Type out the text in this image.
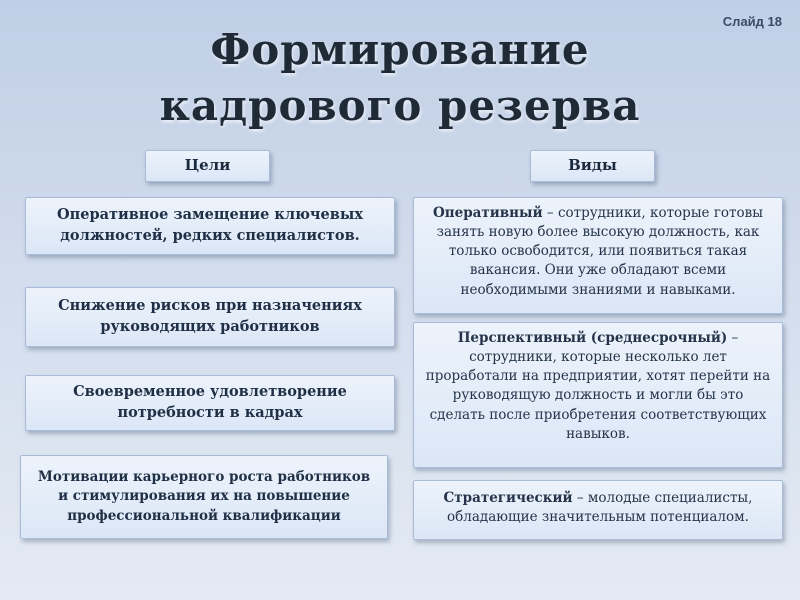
Слайд 18
Формирование кадрового резерва
Цели	Виды
Оперативное замещение ключевых должностей, редких специалистов.
Снижение рисков при назначениях руководящих работников
Своевременное удовлетворение потребности в кадрах
Мотивации карьерного роста работников и стимулирования их на повышение профессиональной квалификации
Оперативный – сотрудники, которые готовы занять новую более высокую должность, как только освободится, или появиться такая вакансия. Они уже обладают всеми необходимыми знаниями и навыками.
Перспективный (среднесрочный) – сотрудники, которые несколько лет проработали на предприятии, хотят перейти на руководящую должность и могли бы это сделать после приобретения соответствующих навыков.
Стратегический – молодые специалисты, обладающие значительным потенциалом.
